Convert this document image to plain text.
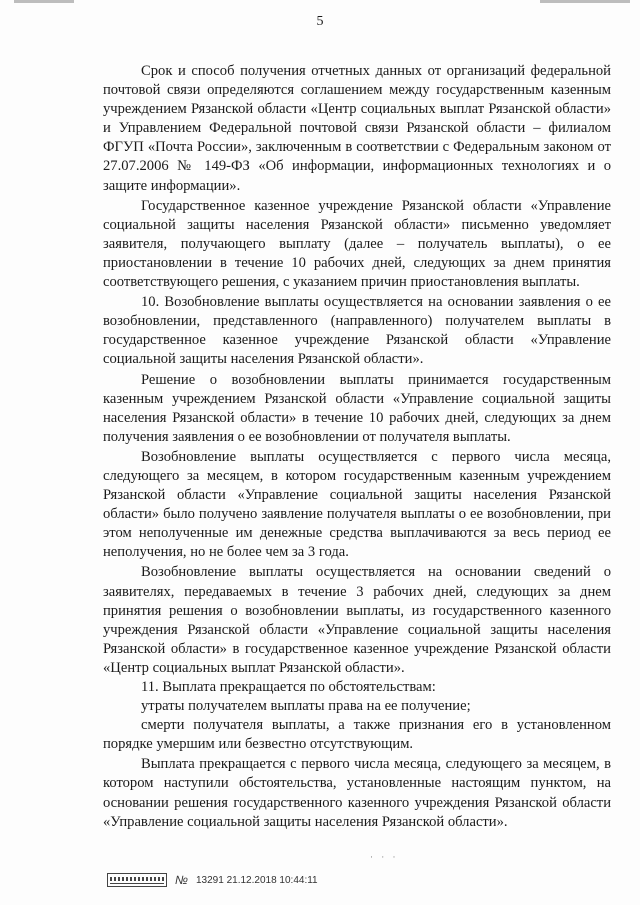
5

Срок и способ получения отчетных данных от организаций федеральной почтовой связи определяются соглашением между государственным казенным учреждением Рязанской области «Центр социальных выплат Рязанской области» и Управлением Федеральной почтовой связи Рязанской области – филиалом ФГУП «Почта России», заключенным в соответствии с Федеральным законом от 27.07.2006 № 149-ФЗ «Об информации, информационных технологиях и о защите информации».

Государственное казенное учреждение Рязанской области «Управление социальной защиты населения Рязанской области» письменно уведомляет заявителя, получающего выплату (далее – получатель выплаты), о ее приостановлении в течение 10 рабочих дней, следующих за днем принятия соответствующего решения, с указанием причин приостановления выплаты.

10. Возобновление выплаты осуществляется на основании заявления о ее возобновлении, представленного (направленного) получателем выплаты в государственное казенное учреждение Рязанской области «Управление социальной защиты населения Рязанской области».

Решение о возобновлении выплаты принимается государственным казенным учреждением Рязанской области «Управление социальной защиты населения Рязанской области» в течение 10 рабочих дней, следующих за днем получения заявления о ее возобновлении от получателя выплаты.

Возобновление выплаты осуществляется с первого числа месяца, следующего за месяцем, в котором государственным казенным учреждением Рязанской области «Управление социальной защиты населения Рязанской области» было получено заявление получателя выплаты о ее возобновлении, при этом неполученные им денежные средства выплачиваются за весь период ее неполучения, но не более чем за 3 года.

Возобновление выплаты осуществляется на основании сведений о заявителях, передаваемых в течение 3 рабочих дней, следующих за днем принятия решения о возобновлении выплаты, из государственного казенного учреждения Рязанской области «Управление социальной защиты населения Рязанской области» в государственное казенное учреждение Рязанской области «Центр социальных выплат Рязанской области».

11. Выплата прекращается по обстоятельствам:

утраты получателем выплаты права на ее получение;

смерти получателя выплаты, а также признания его в установленном порядке умершим или безвестно отсутствующим.

Выплата прекращается с первого числа месяца, следующего за месяцем, в котором наступили обстоятельства, установленные настоящим пунктом, на основании решения государственного казенного учреждения Рязанской области «Управление социальной защиты населения Рязанской области».

· · ·
№ 13291 21.12.2018 10:44:11
